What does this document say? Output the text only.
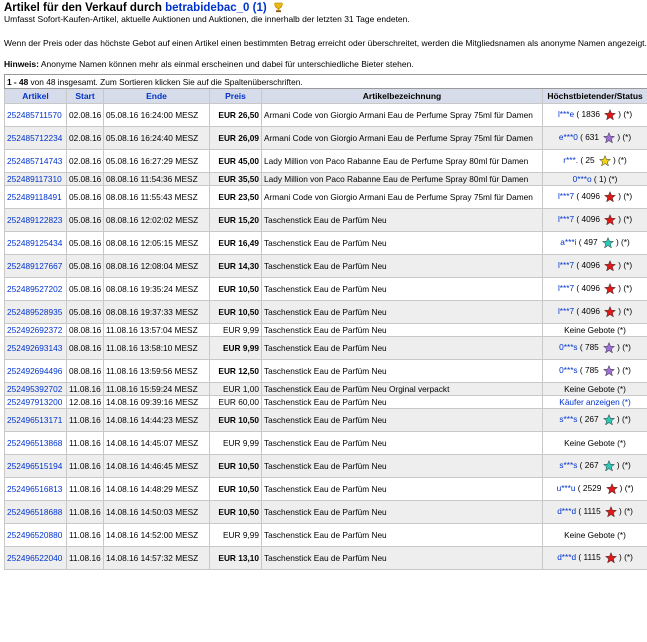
Artikel für den Verkauf durch betrabidebac_0 (1)
Umfasst Sofort-Kaufen-Artikel, aktuelle Auktionen und Auktionen, die innerhalb der letzten 31 Tage endeten.
Wenn der Preis oder das höchste Gebot auf einen Artikel einen bestimmten Betrag erreicht oder überschreitet, werden die Mitgliedsnamen als anonyme Namen angezeigt.
Hinweis: Anonyme Namen können mehr als einmal erscheinen und dabei für unterschiedliche Bieter stehen.
1 - 48 von 48 insgesamt. Zum Sortieren klicken Sie auf die Spaltenüberschriften.					
Artikel	Start	Ende	Preis	Artikelbezeichnung	Höchstbietender/Status
252485711570	02.08.16	05.08.16 16:24:00 MESZ	EUR 26,50	Armani Code von Giorgio Armani Eau de Perfume Spray 75ml für Damen	l***e ( 1836 ) (*)
252485712234	02.08.16	05.08.16 16:24:40 MESZ	EUR 26,09	Armani Code von Giorgio Armani Eau de Perfume Spray 75ml für Damen	e***0 ( 631 ) (*)
252485714743	02.08.16	05.08.16 16:27:29 MESZ	EUR 45,00	Lady Million von Paco Rabanne Eau de Perfume Spray 80ml für Damen	r***. ( 25 ) (*)
252489117310	05.08.16	08.08.16 11:54:36 MESZ	EUR 35,50	Lady Million von Paco Rabanne Eau de Perfume Spray 80ml für Damen	0***o ( 1) (*)
252489118491	05.08.16	08.08.16 11:55:43 MESZ	EUR 23,50	Armani Code von Giorgio Armani Eau de Perfume Spray 75ml für Damen	l***7 ( 4096 ) (*)
252489122823	05.08.16	08.08.16 12:02:02 MESZ	EUR 15,20	Taschenstick Eau de Parfüm Neu	l***7 ( 4096 ) (*)
252489125434	05.08.16	08.08.16 12:05:15 MESZ	EUR 16,49	Taschenstick Eau de Parfüm Neu	a***i ( 497 ) (*)
252489127667	05.08.16	08.08.16 12:08:04 MESZ	EUR 14,30	Taschenstick Eau de Parfüm Neu	l***7 ( 4096 ) (*)
252489527202	05.08.16	08.08.16 19:35:24 MESZ	EUR 10,50	Taschenstick Eau de Parfüm Neu	l***7 ( 4096 ) (*)
252489528935	05.08.16	08.08.16 19:37:33 MESZ	EUR 10,50	Taschenstick Eau de Parfüm Neu	l***7 ( 4096 ) (*)
252492692372	08.08.16	11.08.16 13:57:04 MESZ	EUR 9,99	Taschenstick Eau de Parfüm Neu	Keine Gebote (*)
252492693143	08.08.16	11.08.16 13:58:10 MESZ	EUR 9,99	Taschenstick Eau de Parfüm Neu	0***s ( 785 ) (*)
252492694496	08.08.16	11.08.16 13:59:56 MESZ	EUR 12,50	Taschenstick Eau de Parfüm Neu	0***s ( 785 ) (*)
252495392702	11.08.16	11.08.16 15:59:24 MESZ	EUR 1,00	Taschenstick Eau de Parfüm Neu Orginal verpackt	Keine Gebote (*)
252497913200	12.08.16	14.08.16 09:39:16 MESZ	EUR 60,00	Taschenstick Eau de Parfüm Neu	Käufer anzeigen (*)
252496513171	11.08.16	14.08.16 14:44:23 MESZ	EUR 10,50	Taschenstick Eau de Parfüm Neu	s***s ( 267 ) (*)
252496513868	11.08.16	14.08.16 14:45:07 MESZ	EUR 9,99	Taschenstick Eau de Parfüm Neu	Keine Gebote (*)
252496515194	11.08.16	14.08.16 14:46:45 MESZ	EUR 10,50	Taschenstick Eau de Parfüm Neu	s***s ( 267 ) (*)
252496516813	11.08.16	14.08.16 14:48:29 MESZ	EUR 10,50	Taschenstick Eau de Parfüm Neu	u***u ( 2529 ) (*)
252496518688	11.08.16	14.08.16 14:50:03 MESZ	EUR 10,50	Taschenstick Eau de Parfüm Neu	d***d ( 1115 ) (*)
252496520880	11.08.16	14.08.16 14:52:00 MESZ	EUR 9,99	Taschenstick Eau de Parfüm Neu	Keine Gebote (*)
252496522040	11.08.16	14.08.16 14:57:32 MESZ	EUR 13,10	Taschenstick Eau de Parfüm Neu	d***d ( 1115 ) (*)
